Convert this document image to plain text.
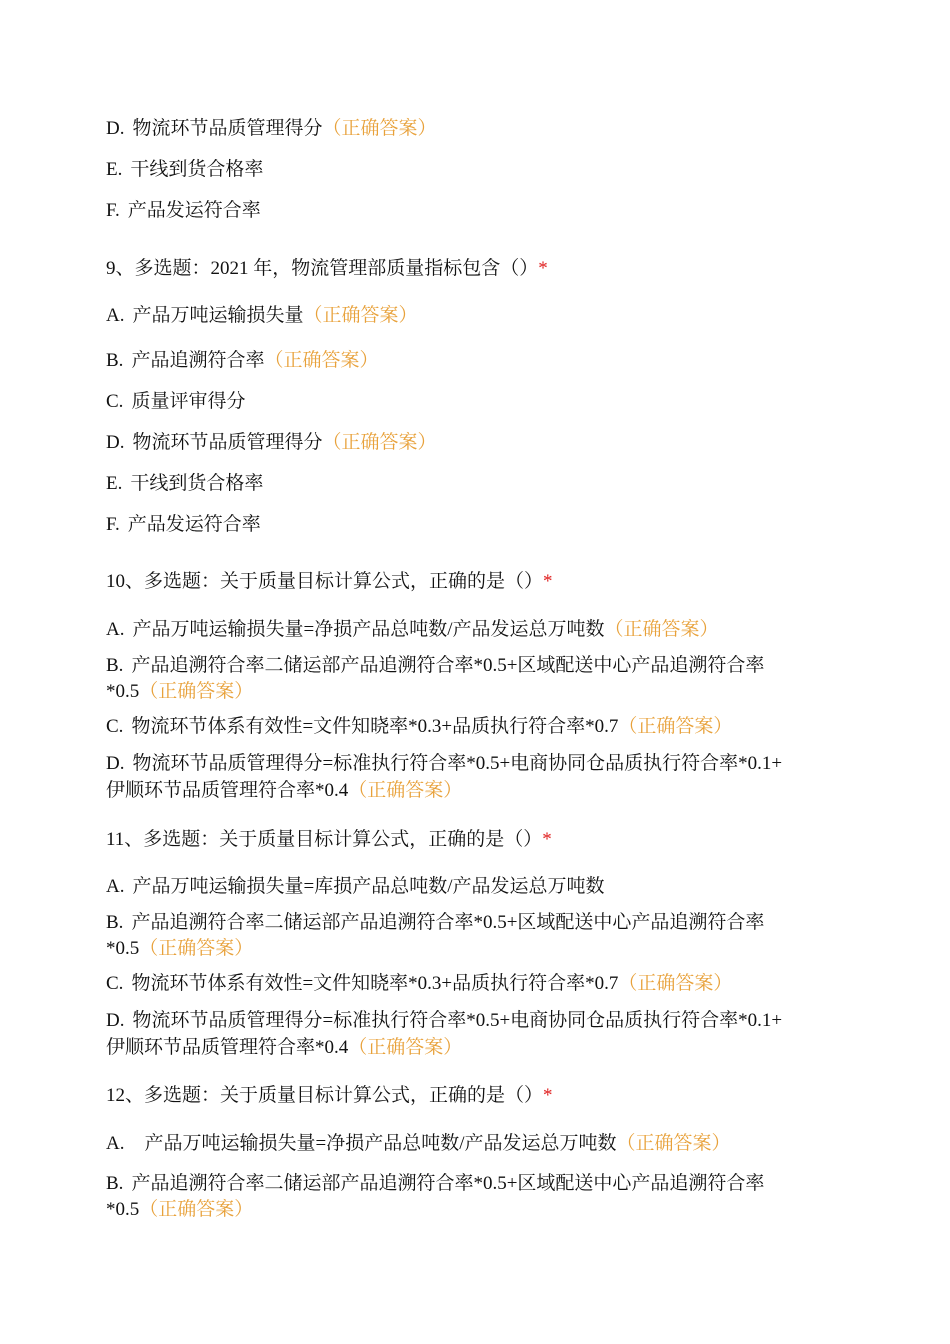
D. 物流环节品质管理得分（正确答案）
E. 干线到货合格率
F. 产品发运符合率
9、多选题：2021 年，物流管理部质量指标包含（）*
A. 产品万吨运输损失量（正确答案）
B. 产品追溯符合率（正确答案）
C. 质量评审得分
D. 物流环节品质管理得分（正确答案）
E. 干线到货合格率
F. 产品发运符合率
10、多选题：关于质量目标计算公式，正确的是（）*
A. 产品万吨运输损失量=净损产品总吨数/产品发运总万吨数（正确答案）
B. 产品追溯符合率二储运部产品追溯符合率*0.5+区域配送中心产品追溯符合率
*0.5（正确答案）
C. 物流环节体系有效性=文件知晓率*0.3+品质执行符合率*0.7（正确答案）
D. 物流环节品质管理得分=标准执行符合率*0.5+电商协同仓品质执行符合率*0.1+
伊顺环节品质管理符合率*0.4（正确答案）
11、多选题：关于质量目标计算公式，正确的是（）*
A. 产品万吨运输损失量=库损产品总吨数/产品发运总万吨数
B. 产品追溯符合率二储运部产品追溯符合率*0.5+区域配送中心产品追溯符合率
*0.5（正确答案）
C. 物流环节体系有效性=文件知晓率*0.3+品质执行符合率*0.7（正确答案）
D. 物流环节品质管理得分=标准执行符合率*0.5+电商协同仓品质执行符合率*0.1+
伊顺环节品质管理符合率*0.4（正确答案）
12、多选题：关于质量目标计算公式，正确的是（）*
A. 产品万吨运输损失量=净损产品总吨数/产品发运总万吨数（正确答案）
B. 产品追溯符合率二储运部产品追溯符合率*0.5+区域配送中心产品追溯符合率
*0.5（正确答案）
